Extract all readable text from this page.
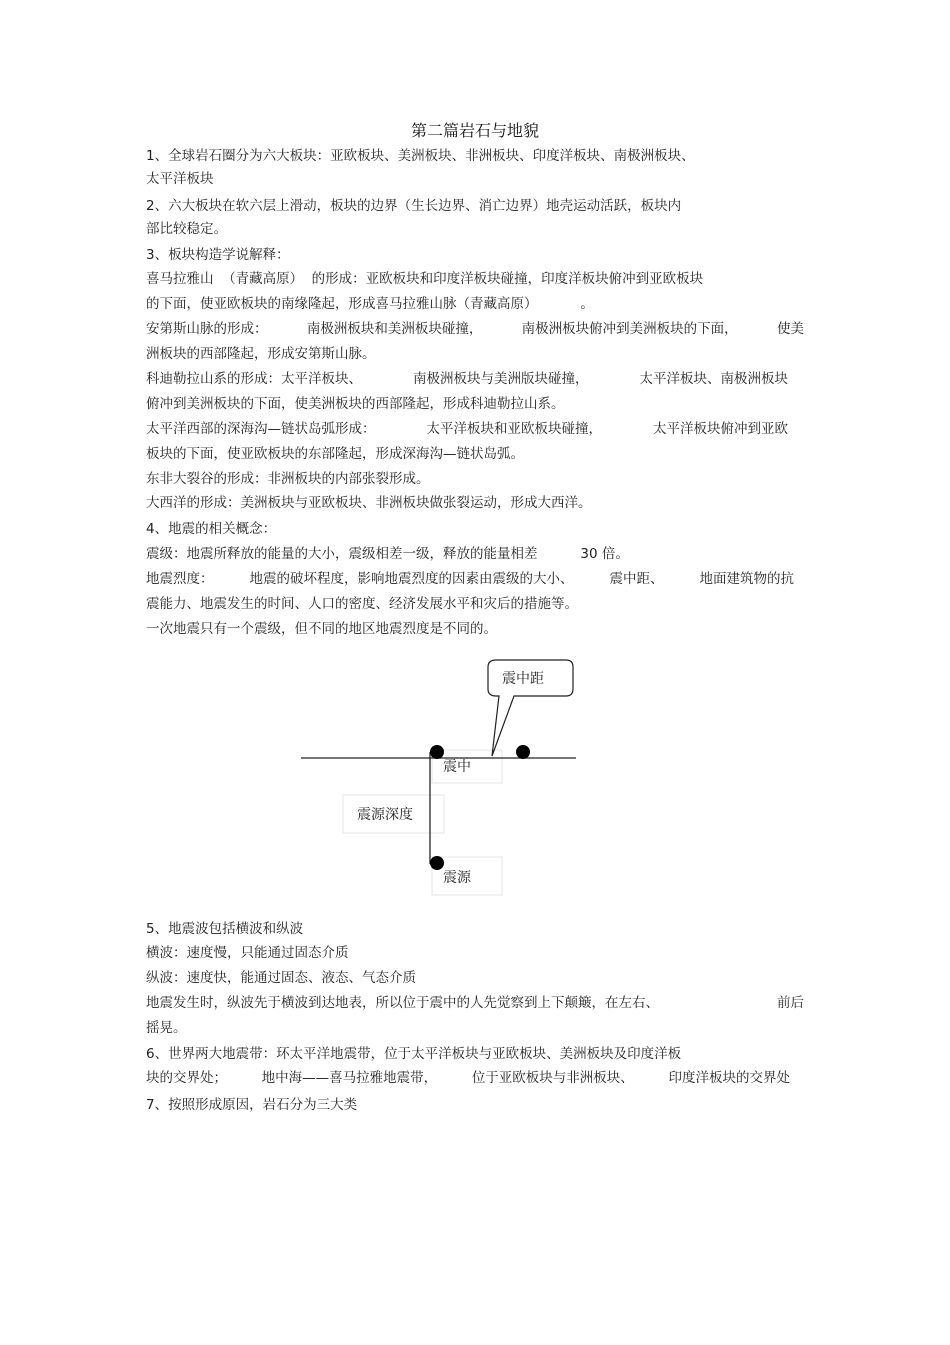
第二篇岩石与地貌
1、全球岩石圈分为六大板块：亚欧板块、美洲板块、非洲板块、印度洋板块、南极洲板块、
太平洋板块
2、六大板块在软六层上滑动，板块的边界（生长边界、消亡边界）地壳运动活跃，板块内
部比较稳定。
3、板块构造学说解释：
喜马拉雅山  （青藏高原）  的形成：亚欧板块和印度洋板块碰撞，印度洋板块俯冲到亚欧板块
的下面，使亚欧板块的南缘隆起，形成喜马拉雅山脉（青藏高原）          。
安第斯山脉的形成：	南极洲板块和美洲板块碰撞，	南极洲板块俯冲到美洲板块的下面，	使美
洲板块的西部隆起，形成安第斯山脉。
科迪勒拉山系的形成：太平洋板块、	南极洲板块与美洲版块碰撞，	太平洋板块、南极洲板块
俯冲到美洲板块的下面，使美洲板块的西部隆起，形成科迪勒拉山系。
太平洋西部的深海沟—链状岛弧形成：	太平洋板块和亚欧板块碰撞，	太平洋板块俯冲到亚欧
板块的下面，使亚欧板块的东部隆起，形成深海沟—链状岛弧。
东非大裂谷的形成：非洲板块的内部张裂形成。
大西洋的形成：美洲板块与亚欧板块、非洲板块做张裂运动，形成大西洋。
4、地震的相关概念：
震级：地震所释放的能量的大小，震级相差一级，释放的能量相差          30 倍。
地震烈度：	地震的破坏程度，影响地震烈度的因素由震级的大小、	震中距、	地面建筑物的抗
震能力、地震发生的时间、人口的密度、经济发展水平和灾后的措施等。
一次地震只有一个震级，但不同的地区地震烈度是不同的。
震中距
震中
震源深度
震源
5、地震波包括横波和纵波
横波：速度慢，只能通过固态介质
纵波：速度快，能通过固态、液态、气态介质
地震发生时，纵波先于横波到达地表，所以位于震中的人先觉察到上下颠簸，在左右、	前后
摇晃。
6、世界两大地震带：环太平洋地震带，位于太平洋板块与亚欧板块、美洲板块及印度洋板
块的交界处；	地中海——喜马拉雅地震带，	位于亚欧板块与非洲板块、	印度洋板块的交界处
7、按照形成原因，岩石分为三大类
